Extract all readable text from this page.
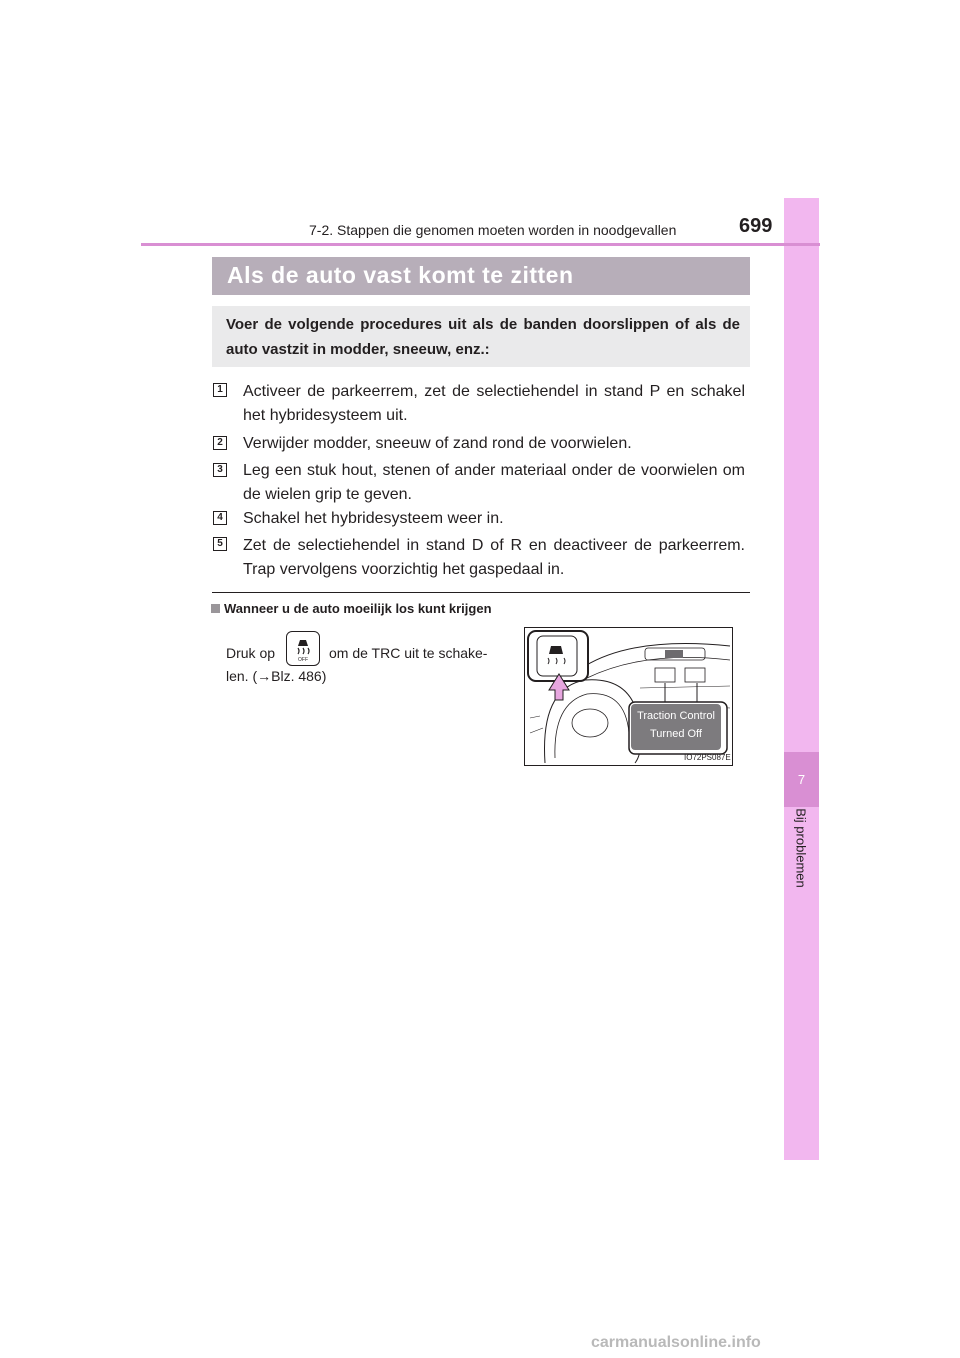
7
Bij problemen
7-2. Stappen die genomen moeten worden in noodgevallen	699
Als de auto vast komt te zitten
Voer de volgende procedures uit als de banden doorslippen of als de auto vastzit in modder, sneeuw, enz.:
1 Activeer de parkeerrem, zet de selectiehendel in stand P en schakel het hybridesysteem uit.
2 Verwijder modder, sneeuw of zand rond de voorwielen.
3 Leg een stuk hout, stenen of ander materiaal onder de voorwielen om de wielen grip te geven.
4 Schakel het hybridesysteem weer in.
5 Zet de selectiehendel in stand D of R en deactiveer de parkeerrem. Trap vervolgens voorzichtig het gaspedaal in.
Wanneer u de auto moeilijk los kunt krijgen
Druk op	OFF om de TRC uit te schake-
len. (→Blz. 486)
Traction Control
Turned Off
IO72PS087E
carmanualsonline.info
